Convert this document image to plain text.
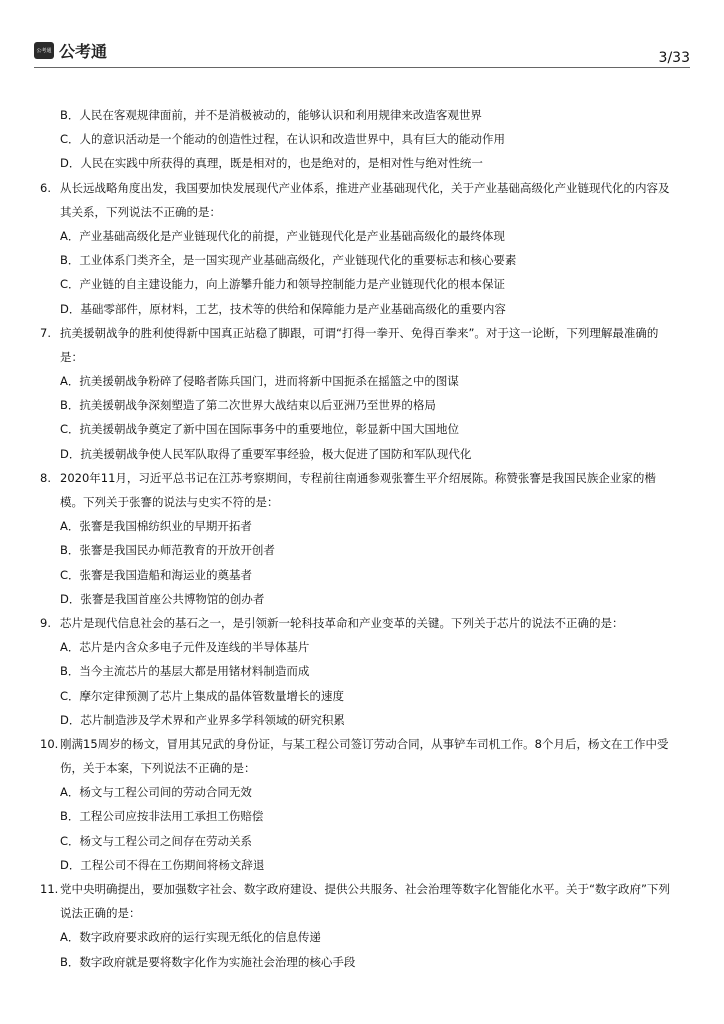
公考通 公考通	3/33
B．人民在客观规律面前，并不是消极被动的，能够认识和利用规律来改造客观世界
C．人的意识活动是一个能动的创造性过程，在认识和改造世界中，具有巨大的能动作用
D．人民在实践中所获得的真理，既是相对的，也是绝对的，是相对性与绝对性统一
6. 从长远战略角度出发，我国要加快发展现代产业体系，推进产业基础现代化，关于产业基础高级化产业链现代化的内容及
其关系，下列说法不正确的是：
A．产业基础高级化是产业链现代化的前提，产业链现代化是产业基础高级化的最终体现
B．工业体系门类齐全，是一国实现产业基础高级化，产业链现代化的重要标志和核心要素
C．产业链的自主建设能力，向上游攀升能力和领导控制能力是产业链现代化的根本保证
D．基础零部件，原材料，工艺，技术等的供给和保障能力是产业基础高级化的重要内容
7. 抗美援朝战争的胜利使得新中国真正站稳了脚跟，可谓“打得一拳开、免得百拳来”。对于这一论断，下列理解最准确的
是：
A．抗美援朝战争粉碎了侵略者陈兵国门，进而将新中国扼杀在摇篮之中的图谋
B．抗美援朝战争深刻塑造了第二次世界大战结束以后亚洲乃至世界的格局
C．抗美援朝战争奠定了新中国在国际事务中的重要地位，彰显新中国大国地位
D．抗美援朝战争使人民军队取得了重要军事经验，极大促进了国防和军队现代化
8. 2020年11月，习近平总书记在江苏考察期间，专程前往南通参观张謇生平介绍展陈。称赞张謇是我国民族企业家的楷
模。下列关于张謇的说法与史实不符的是：
A．张謇是我国棉纺织业的早期开拓者
B．张謇是我国民办师范教育的开放开创者
C．张謇是我国造船和海运业的奠基者
D．张謇是我国首座公共博物馆的创办者
9. 芯片是现代信息社会的基石之一，是引领新一轮科技革命和产业变革的关键。下列关于芯片的说法不正确的是：
A．芯片是内含众多电子元件及连线的半导体基片
B．当今主流芯片的基层大都是用锗材料制造而成
C．摩尔定律预测了芯片上集成的晶体管数量增长的速度
D．芯片制造涉及学术界和产业界多学科领域的研究积累
10. 刚满15周岁的杨文，冒用其兄武的身份证，与某工程公司签订劳动合同，从事铲车司机工作。8个月后，杨文在工作中受
伤，关于本案，下列说法不正确的是：
A．杨文与工程公司间的劳动合同无效
B．工程公司应按非法用工承担工伤赔偿
C．杨文与工程公司之间存在劳动关系
D．工程公司不得在工伤期间将杨文辞退
11. 党中央明确提出，要加强数字社会、数字政府建设、提供公共服务、社会治理等数字化智能化水平。关于“数字政府”下列
说法正确的是：
A．数字政府要求政府的运行实现无纸化的信息传递
B．数字政府就是要将数字化作为实施社会治理的核心手段
